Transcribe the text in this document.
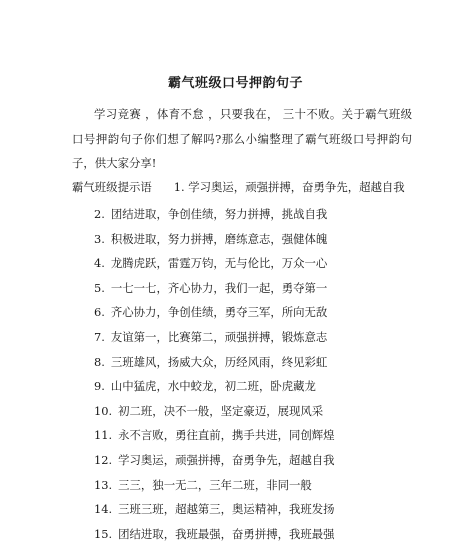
霸气班级口号押韵句子
学习竞赛 ，体育不怠 ，只要我在， 三十不败。关于霸气班级口号押韵句子你们想了解吗?那么小编整理了霸气班级口号押韵句子，供大家分享!
霸气班级提示语 1. 学习奥运，顽强拼搏，奋勇争先，超越自我
2. 团结进取，争创佳绩，努力拼搏，挑战自我
3. 积极进取，努力拼搏，磨练意志，强健体魄
4. 龙腾虎跃，雷霆万钧，无与伦比，万众一心
5. 一七一七，齐心协力，我们一起，勇夺第一
6. 齐心协力，争创佳绩，勇夺三军，所向无敌
7. 友谊第一，比赛第二，顽强拼搏，锻炼意志
8. 三班雄风，扬威大众，历经风雨，终见彩虹
9. 山中猛虎，水中蛟龙，初二班，卧虎藏龙
10. 初二班，决不一般，坚定豪迈，展现风采
11. 永不言败，勇往直前，携手共进，同创辉煌
12. 学习奥运，顽强拼搏，奋勇争先，超越自我
13. 三三，独一无二，三年二班，非同一般
14. 三班三班，超越第三，奥运精神，我班发扬
15. 团结进取，我班最强，奋勇拼搏，我班最强
